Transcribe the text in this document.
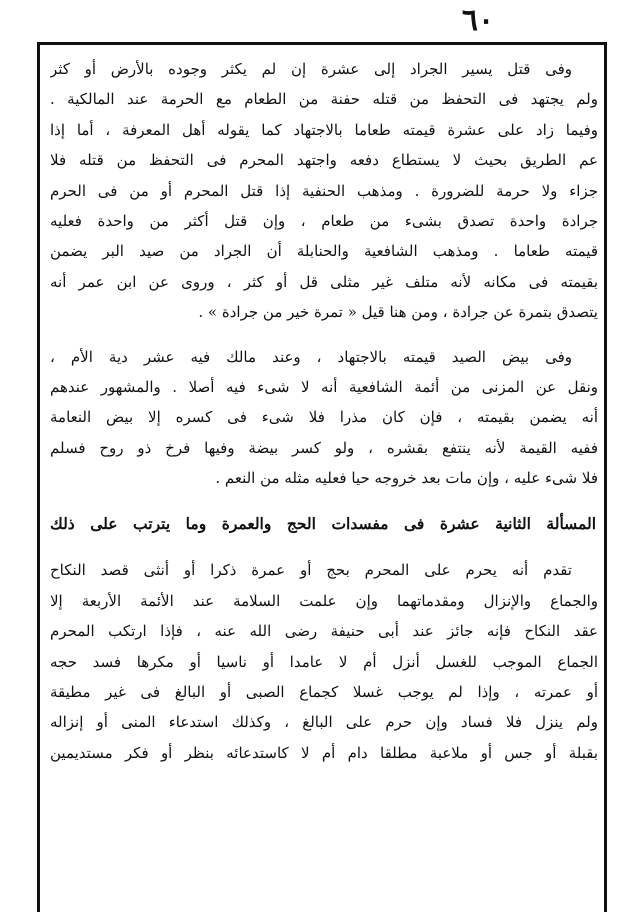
٦٠
وفى قتل يسير الجراد إلى عشرة إن لم يكثر وجوده بالأرض أو كثر
ولم يجتهد فى التحفظ من قتله حفنة من الطعام مع الحرمة عند المالكية .
وفيما زاد على عشرة قيمته طعاما بالاجتهاد كما يقوله أهل المعرفة ، أما إذا
عم الطريق بحيث لا يستطاع دفعه واجتهد المحرم فى التحفظ من قتله فلا
جزاء ولا حرمة للضرورة . ومذهب الحنفية إذا قتل المحرم أو من فى الحرم
جرادة واحدة تصدق بشىء من طعام ، وإن قتل أكثر من واحدة فعليه
قيمته طعاما . ومذهب الشافعية والحنابلة أن الجراد من صيد البر يضمن
بقيمته فى مكانه لأنه متلف غير مثلى قل أو كثر ، وروى عن ابن عمر أنه
يتصدق بتمرة عن جرادة ، ومن هنا قيل « تمرة خير من جرادة » .
وفى بيض الصيد قيمته بالاجتهاد ، وعند مالك فيه عشر دية الأم ،
ونقل عن المزنى من أئمة الشافعية أنه لا شىء فيه أصلا . والمشهور عندهم
أنه يضمن بقيمته ، فإن كان مذرا فلا شىء فى كسره إلا بيض النعامة
ففيه القيمة لأنه ينتفع بقشره ، ولو كسر بيضة وفيها فرخ ذو روح فسلم
فلا شىء عليه ، وإن مات بعد خروجه حيا فعليه مثله من النعم .
المسألة الثانية عشرة فى مفسدات الحج والعمرة وما يترتب على ذلك
تقدم أنه يحرم على المحرم بحج أو عمرة ذكرا أو أنثى قصد النكاح
والجماع والإنزال ومقدماتهما وإن علمت السلامة عند الأئمة الأربعة إلا
عقد النكاح فإنه جائز عند أبى حنيفة رضى الله عنه ، فإذا ارتكب المحرم
الجماع الموجب للغسل أنزل أم لا عامدا أو ناسيا أو مكرها فسد حجه
أو عمرته ، وإذا لم يوجب غسلا كجماع الصبى أو البالغ فى غير مطيقة
ولم ينزل فلا فساد وإن حرم على البالغ ، وكذلك استدعاء المنى أو إنزاله
بقبلة أو جس أو ملاعبة مطلقا دام أم لا كاستدعائه بنظر أو فكر مستديمين
